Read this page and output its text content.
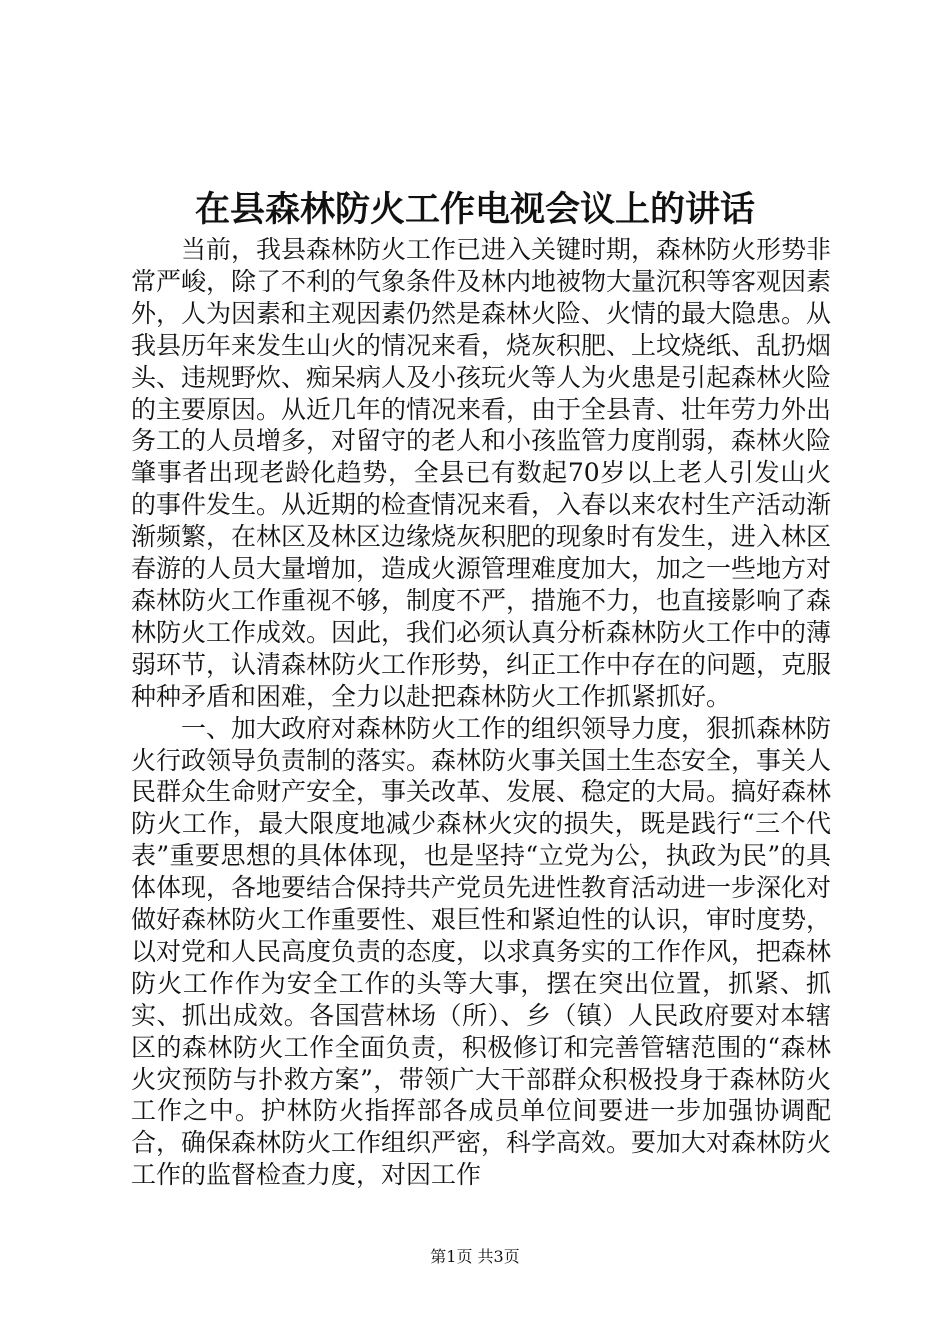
在县森林防火工作电视会议上的讲话

当前，我县森林防火工作已进入关键时期，森林防火形势非常严峻，除了不利的气象条件及林内地被物大量沉积等客观因素外，人为因素和主观因素仍然是森林火险、火情的最大隐患。从我县历年来发生山火的情况来看，烧灰积肥、上坟烧纸、乱扔烟头、违规野炊、痴呆病人及小孩玩火等人为火患是引起森林火险的主要原因。从近几年的情况来看，由于全县青、壮年劳力外出务工的人员增多，对留守的老人和小孩监管力度削弱，森林火险肇事者出现老龄化趋势，全县已有数起70岁以上老人引发山火的事件发生。从近期的检查情况来看，入春以来农村生产活动渐渐频繁，在林区及林区边缘烧灰积肥的现象时有发生，进入林区春游的人员大量增加，造成火源管理难度加大，加之一些地方对森林防火工作重视不够，制度不严，措施不力，也直接影响了森林防火工作成效。因此，我们必须认真分析森林防火工作中的薄弱环节，认清森林防火工作形势，纠正工作中存在的问题，克服种种矛盾和困难，全力以赴把森林防火工作抓紧抓好。

一、加大政府对森林防火工作的组织领导力度，狠抓森林防火行政领导负责制的落实。森林防火事关国土生态安全，事关人民群众生命财产安全，事关改革、发展、稳定的大局。搞好森林防火工作，最大限度地减少森林火灾的损失，既是践行“三个代表”重要思想的具体体现，也是坚持“立党为公，执政为民”的具体体现，各地要结合保持共产党员先进性教育活动进一步深化对做好森林防火工作重要性、艰巨性和紧迫性的认识，审时度势，以对党和人民高度负责的态度，以求真务实的工作作风，把森林防火工作作为安全工作的头等大事，摆在突出位置，抓紧、抓实、抓出成效。各国营林场（所）、乡（镇）人民政府要对本辖区的森林防火工作全面负责，积极修订和完善管辖范围的“森林火灾预防与扑救方案”，带领广大干部群众积极投身于森林防火工作之中。护林防火指挥部各成员单位间要进一步加强协调配合，确保森林防火工作组织严密，科学高效。要加大对森林防火工作的监督检查力度，对因工作

第1页 共3页
